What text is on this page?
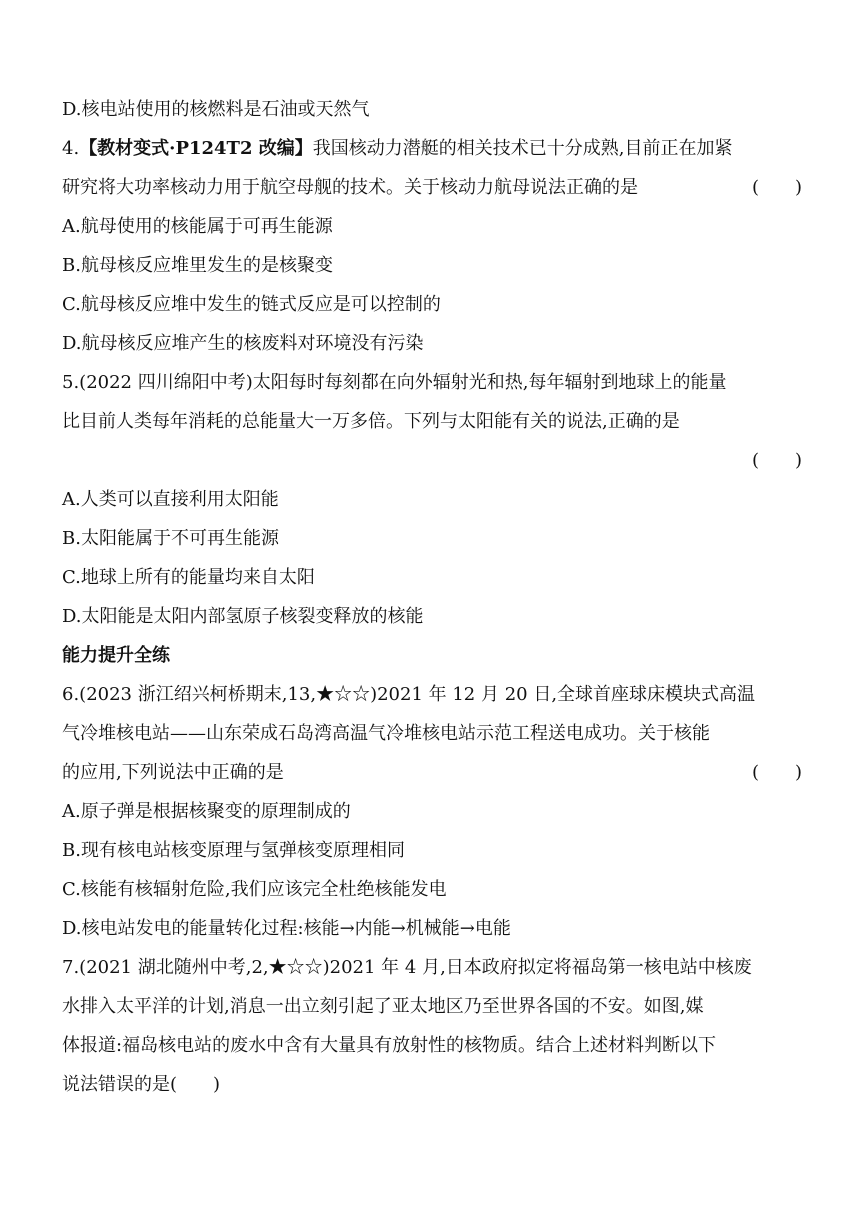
D.核电站使用的核燃料是石油或天然气
4.【教材变式·P124T2 改编】我国核动力潜艇的相关技术已十分成熟,目前正在加紧
研究将大功率核动力用于航空母舰的技术。关于核动力航母说法正确的是	(　　)
A.航母使用的核能属于可再生能源
B.航母核反应堆里发生的是核聚变
C.航母核反应堆中发生的链式反应是可以控制的
D.航母核反应堆产生的核废料对环境没有污染
5.(2022 四川绵阳中考)太阳每时每刻都在向外辐射光和热,每年辐射到地球上的能量
比目前人类每年消耗的总能量大一万多倍。下列与太阳能有关的说法,正确的是
(　　)
A.人类可以直接利用太阳能
B.太阳能属于不可再生能源
C.地球上所有的能量均来自太阳
D.太阳能是太阳内部氢原子核裂变释放的核能
能力提升全练
6.(2023 浙江绍兴柯桥期末,13,★☆☆)2021 年 12 月 20 日,全球首座球床模块式高温
气冷堆核电站——山东荣成石岛湾高温气冷堆核电站示范工程送电成功。关于核能
的应用,下列说法中正确的是	(　　)
A.原子弹是根据核聚变的原理制成的
B.现有核电站核变原理与氢弹核变原理相同
C.核能有核辐射危险,我们应该完全杜绝核能发电
D.核电站发电的能量转化过程:核能→内能→机械能→电能
7.(2021 湖北随州中考,2,★☆☆)2021 年 4 月,日本政府拟定将福岛第一核电站中核废
水排入太平洋的计划,消息一出立刻引起了亚太地区乃至世界各国的不安。如图,媒
体报道:福岛核电站的废水中含有大量具有放射性的核物质。结合上述材料判断以下
说法错误的是(　　)
